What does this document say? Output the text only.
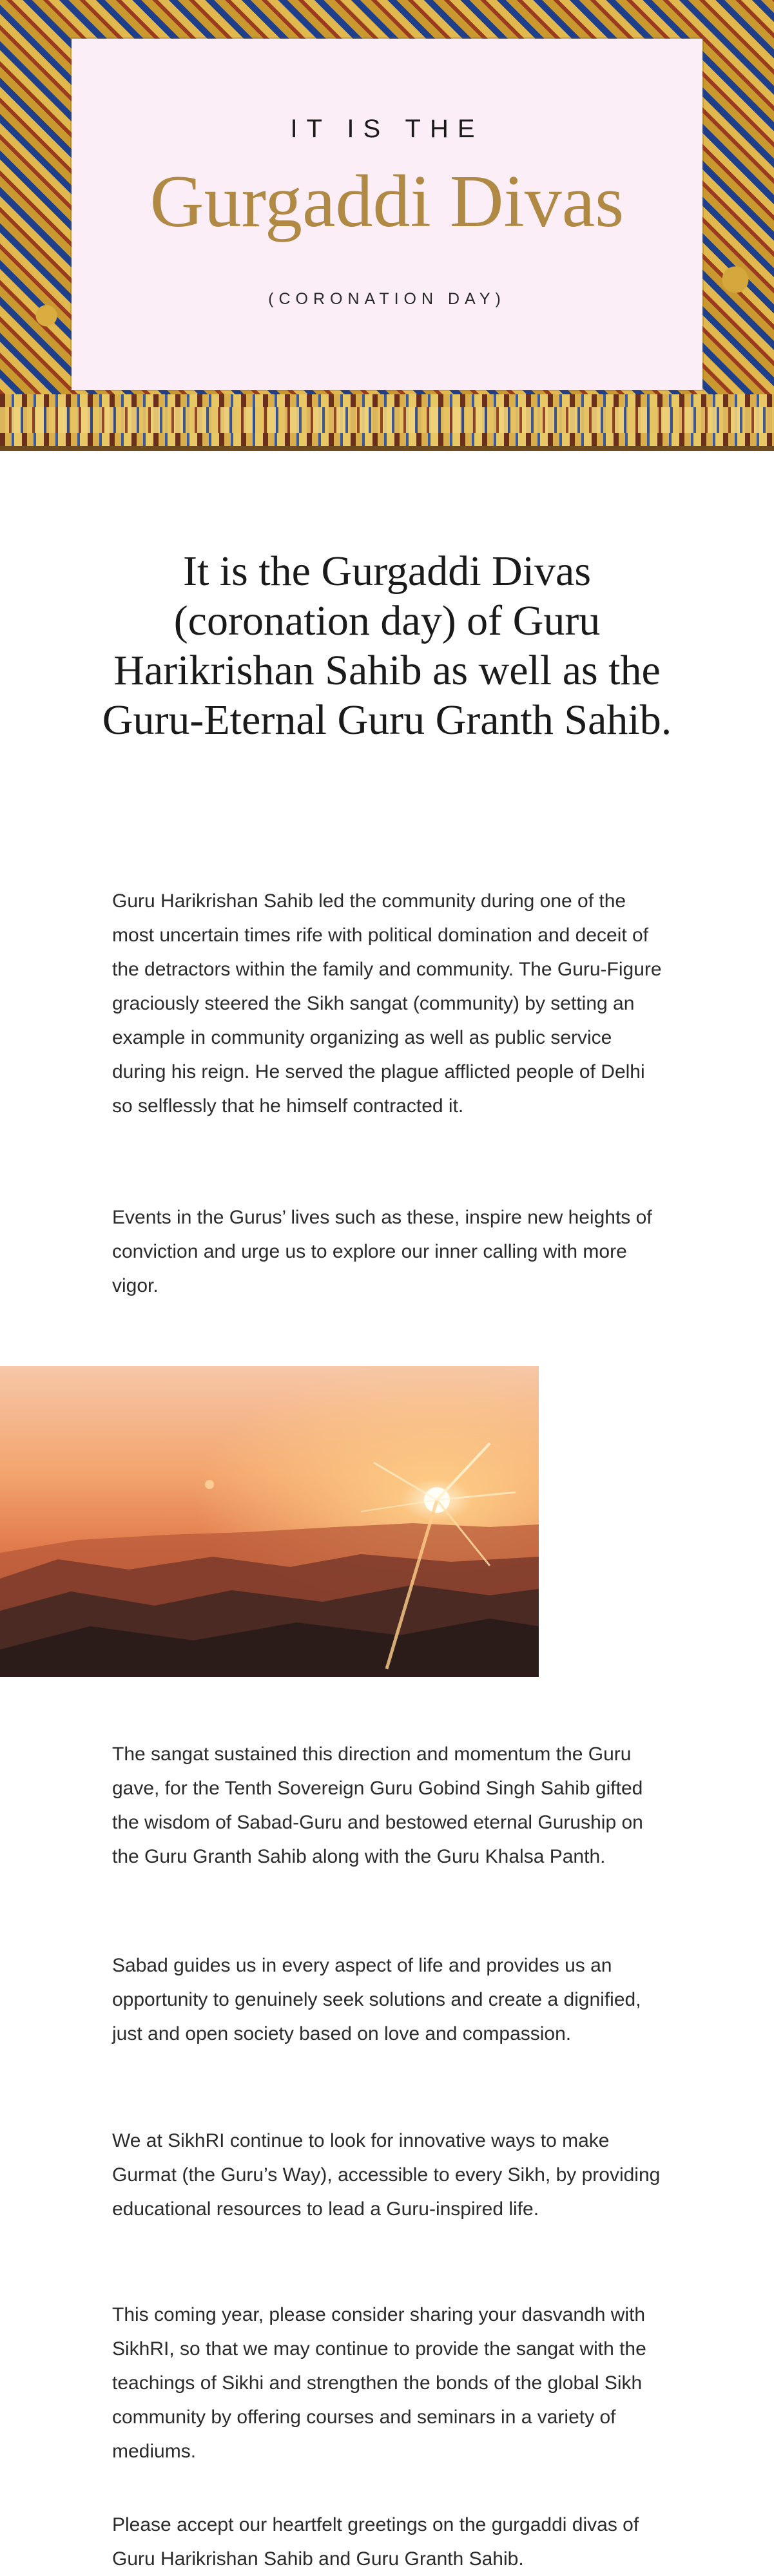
IT IS THE
Gurgaddi Divas
(CORONATION DAY)
It is the Gurgaddi Divas (coronation day) of Guru Harikrishan Sahib as well as the Guru-Eternal Guru Granth Sahib.

Guru Harikrishan Sahib led the community during one of the most uncertain times rife with political domination and deceit of the detractors within the family and community. The Guru-Figure graciously steered the Sikh sangat (community) by setting an example in community organizing as well as public service during his reign. He served the plague afflicted people of Delhi so selflessly that he himself contracted it.

Events in the Gurus’ lives such as these, inspire new heights of conviction and urge us to explore our inner calling with more vigor.

The sangat sustained this direction and momentum the Guru gave, for the Tenth Sovereign Guru Gobind Singh Sahib gifted the wisdom of Sabad-Guru and bestowed eternal Guruship on the Guru Granth Sahib along with the Guru Khalsa Panth.

Sabad guides us in every aspect of life and provides us an opportunity to genuinely seek solutions and create a dignified, just and open society based on love and compassion.

We at SikhRI continue to look for innovative ways to make Gurmat (the Guru’s Way), accessible to every Sikh, by providing educational resources to lead a Guru-inspired life.

This coming year, please consider sharing your dasvandh with SikhRI, so that we may continue to provide the sangat with the teachings of Sikhi and strengthen the bonds of the global Sikh community by offering courses and seminars in a variety of mediums.

Please accept our heartfelt greetings on the gurgaddi divas of Guru Harikrishan Sahib and Guru Granth Sahib.
